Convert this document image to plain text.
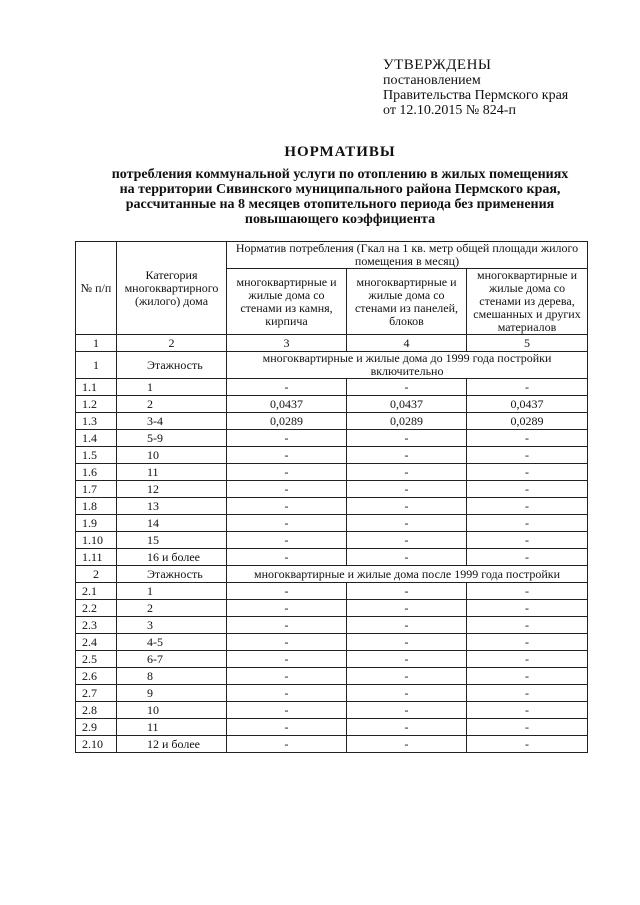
УТВЕРЖДЕНЫ
постановлением
Правительства Пермского края
от 12.10.2015 № 824-п
НОРМАТИВЫ
потребления коммунальной услуги по отоплению в жилых помещениях
на территории Сивинского муниципального района Пермского края,
рассчитанные на 8 месяцев отопительного периода без применения
повышающего коэффициента
№ п/п	Категория многоквартирного (жилого) дома	Норматив потребления (Гкал на 1 кв. метр общей площади жилого помещения в месяц)		
		многоквартирные и жилые дома со стенами из камня, кирпича	многоквартирные и жилые дома со стенами из панелей, блоков	многоквартирные и жилые дома со стенами из дерева, смешанных и других материалов
1	2	3	4	5
1	Этажность	многоквартирные и жилые дома до 1999 года постройки включительно		
1.1	1	-	-	-
1.2	2	0,0437	0,0437	0,0437
1.3	3-4	0,0289	0,0289	0,0289
1.4	5-9	-	-	-
1.5	10	-	-	-
1.6	11	-	-	-
1.7	12	-	-	-
1.8	13	-	-	-
1.9	14	-	-	-
1.10	15	-	-	-
1.11	16 и более	-	-	-
2	Этажность	многоквартирные и жилые дома после 1999 года постройки		
2.1	1	-	-	-
2.2	2	-	-	-
2.3	3	-	-	-
2.4	4-5	-	-	-
2.5	6-7	-	-	-
2.6	8	-	-	-
2.7	9	-	-	-
2.8	10	-	-	-
2.9	11	-	-	-
2.10	12 и более	-	-	-
